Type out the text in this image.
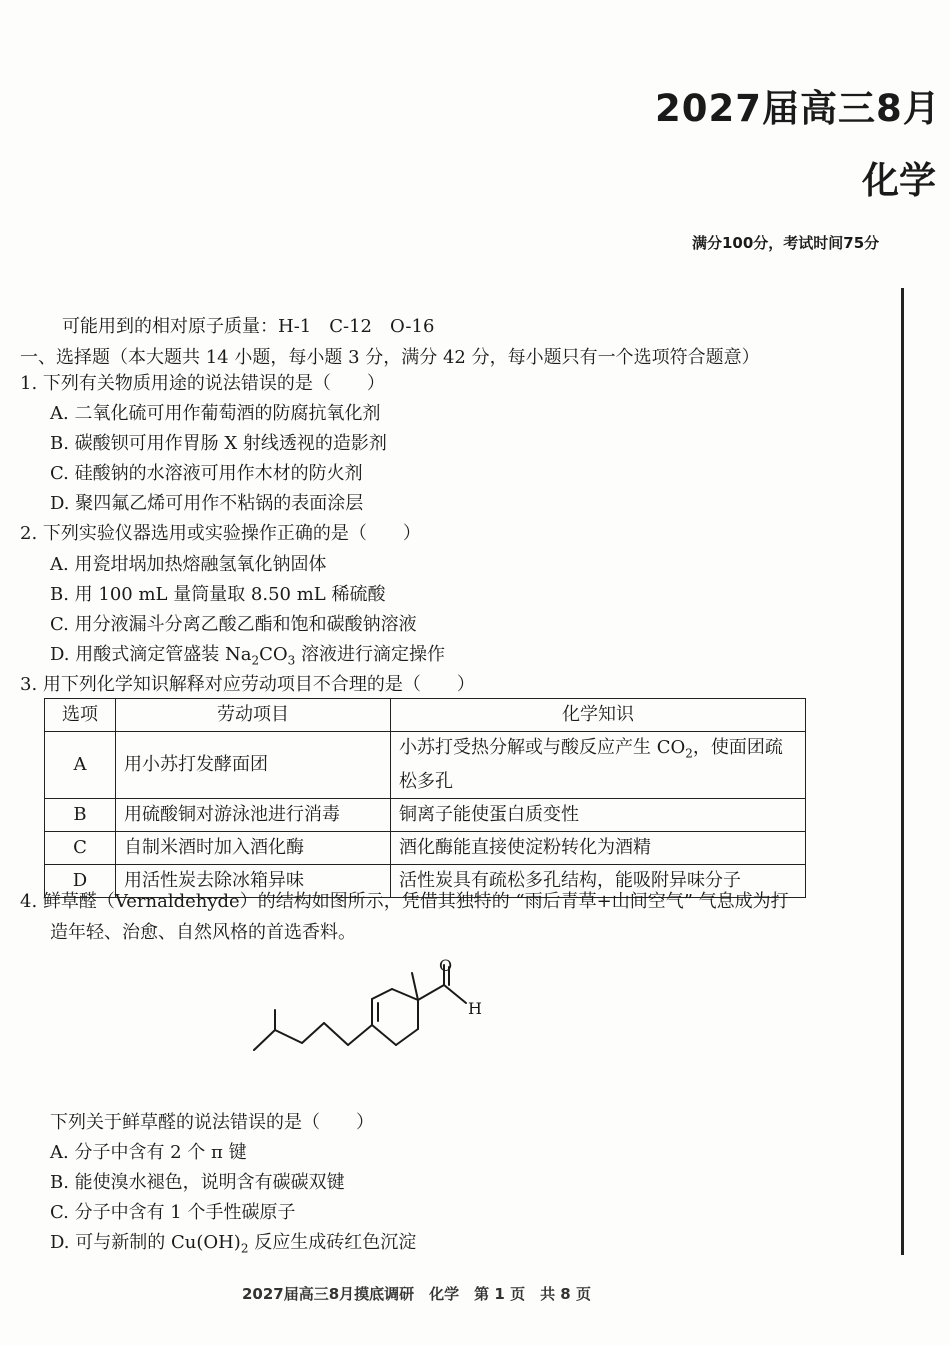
2027届高三8月
化学
满分100分，考试时间75分
可能用到的相对原子质量：H-1　C-12　O-16
一、选择题（本大题共 14 小题，每小题 3 分，满分 42 分，每小题只有一个选项符合题意）
1. 下列有关物质用途的说法错误的是（　　）
A. 二氧化硫可用作葡萄酒的防腐抗氧化剂
B. 碳酸钡可用作胃肠 X 射线透视的造影剂
C. 硅酸钠的水溶液可用作木材的防火剂
D. 聚四氟乙烯可用作不粘锅的表面涂层
2. 下列实验仪器选用或实验操作正确的是（　　）
A. 用瓷坩埚加热熔融氢氧化钠固体
B. 用 100 mL 量筒量取 8.50 mL 稀硫酸
C. 用分液漏斗分离乙酸乙酯和饱和碳酸钠溶液
D. 用酸式滴定管盛装 $Na_2CO_3$ 溶液进行滴定操作
3. 用下列化学知识解释对应劳动项目不合理的是（　　）
选项	劳动项目	化学知识
A	用小苏打发酵面团	小苏打受热分解或与酸反应产生 $CO_2$，使面团疏松多孔
B	用硫酸铜对游泳池进行消毒	铜离子能使蛋白质变性
C	自制米酒时加入酒化酶	酒化酶能直接使淀粉转化为酒精
D	用活性炭去除冰箱异味	活性炭具有疏松多孔结构，能吸附异味分子
4. 鲜草醛（Vernaldehyde）的结构如图所示，凭借其独特的 “雨后青草+山间空气” 气息成为打
造年轻、治愈、自然风格的首选香料。
O
H
下列关于鲜草醛的说法错误的是（　　）
A. 分子中含有 2 个 π 键
B. 能使溴水褪色，说明含有碳碳双键
C. 分子中含有 1 个手性碳原子
D. 可与新制的 $Cu(OH)_2$ 反应生成砖红色沉淀
2027届高三8月摸底调研　化学　第 1 页　共 8 页
